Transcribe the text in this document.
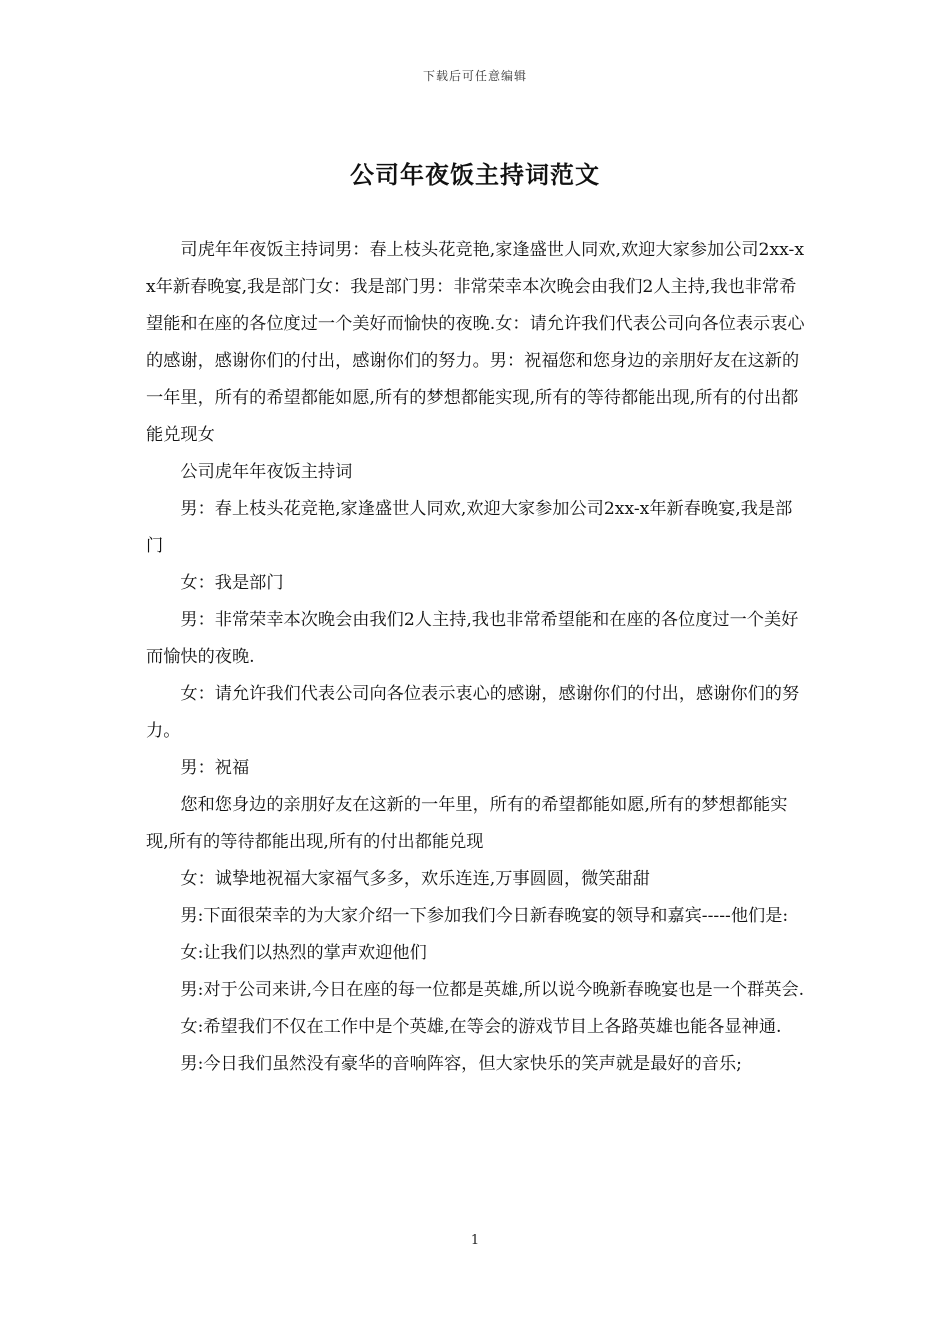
下载后可任意编辑
公司年夜饭主持词范文

司虎年年夜饭主持词男：春上枝头花竞艳,家逢盛世人同欢,欢迎大家参加公司2xx-xx年新春晚宴,我是部门女：我是部门男：非常荣幸本次晚会由我们2人主持,我也非常希望能和在座的各位度过一个美好而愉快的夜晚.女：请允许我们代表公司向各位表示衷心的感谢，感谢你们的付出，感谢你们的努力。男：祝福您和您身边的亲朋好友在这新的一年里，所有的希望都能如愿,所有的梦想都能实现,所有的等待都能出现,所有的付出都能兑现女

公司虎年年夜饭主持词

男：春上枝头花竞艳,家逢盛世人同欢,欢迎大家参加公司2xx-x年新春晚宴,我是部门

女：我是部门

男：非常荣幸本次晚会由我们2人主持,我也非常希望能和在座的各位度过一个美好而愉快的夜晚.

女：请允许我们代表公司向各位表示衷心的感谢，感谢你们的付出，感谢你们的努力。

男：祝福

您和您身边的亲朋好友在这新的一年里，所有的希望都能如愿,所有的梦想都能实现,所有的等待都能出现,所有的付出都能兑现

女：诚挚地祝福大家福气多多，欢乐连连,万事圆圆，微笑甜甜

男:下面很荣幸的为大家介绍一下参加我们今日新春晚宴的领导和嘉宾-----他们是:

女:让我们以热烈的掌声欢迎他们

男:对于公司来讲,今日在座的每一位都是英雄,所以说今晚新春晚宴也是一个群英会.

女:希望我们不仅在工作中是个英雄,在等会的游戏节目上各路英雄也能各显神通.

男:今日我们虽然没有豪华的音响阵容，但大家快乐的笑声就是最好的音乐;

1
